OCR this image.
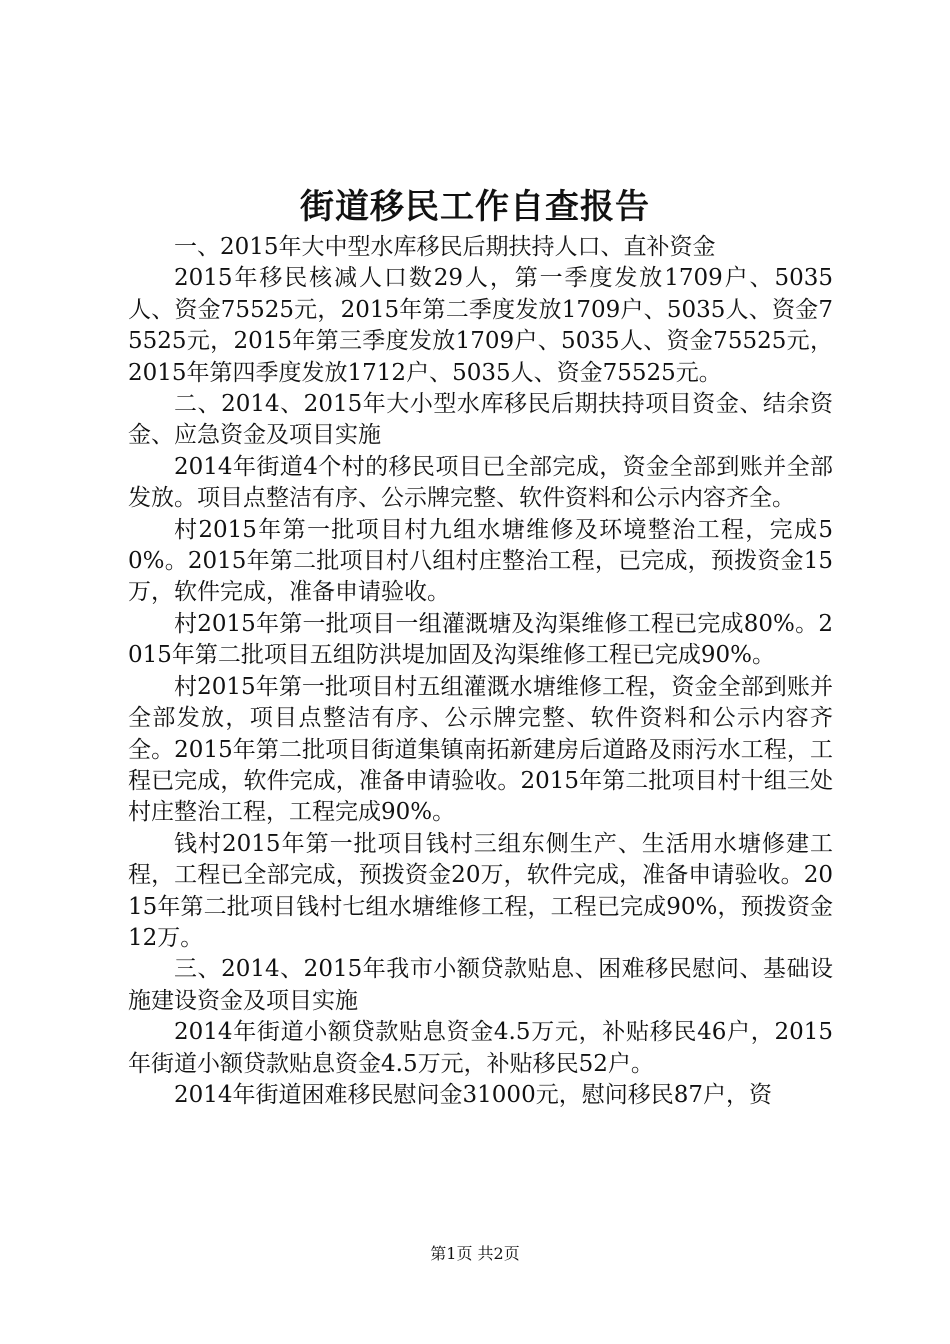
街道移民工作自查报告

一、2015年大中型水库移民后期扶持人口、直补资金

2015年移民核减人口数29人，第一季度发放1709户、5035人、资金75525元，2015年第二季度发放1709户、5035人、资金75525元，2015年第三季度发放1709户、5035人、资金75525元，2015年第四季度发放1712户、5035人、资金75525元。

二、2014、2015年大小型水库移民后期扶持项目资金、结余资金、应急资金及项目实施

2014年街道4个村的移民项目已全部完成，资金全部到账并全部发放。项目点整洁有序、公示牌完整、软件资料和公示内容齐全。

村2015年第一批项目村九组水塘维修及环境整治工程，完成50%。2015年第二批项目村八组村庄整治工程，已完成，预拨资金15万，软件完成，准备申请验收。

村2015年第一批项目一组灌溉塘及沟渠维修工程已完成80%。2015年第二批项目五组防洪堤加固及沟渠维修工程已完成90%。

村2015年第一批项目村五组灌溉水塘维修工程，资金全部到账并全部发放，项目点整洁有序、公示牌完整、软件资料和公示内容齐全。2015年第二批项目街道集镇南拓新建房后道路及雨污水工程，工程已完成，软件完成，准备申请验收。2015年第二批项目村十组三处村庄整治工程，工程完成90%。

钱村2015年第一批项目钱村三组东侧生产、生活用水塘修建工程，工程已全部完成，预拨资金20万，软件完成，准备申请验收。2015年第二批项目钱村七组水塘维修工程，工程已完成90%，预拨资金12万。

三、2014、2015年我市小额贷款贴息、困难移民慰问、基础设施建设资金及项目实施

2014年街道小额贷款贴息资金4.5万元，补贴移民46户，2015年街道小额贷款贴息资金4.5万元，补贴移民52户。

2014年街道困难移民慰问金31000元，慰问移民87户，资

第1页 共2页
